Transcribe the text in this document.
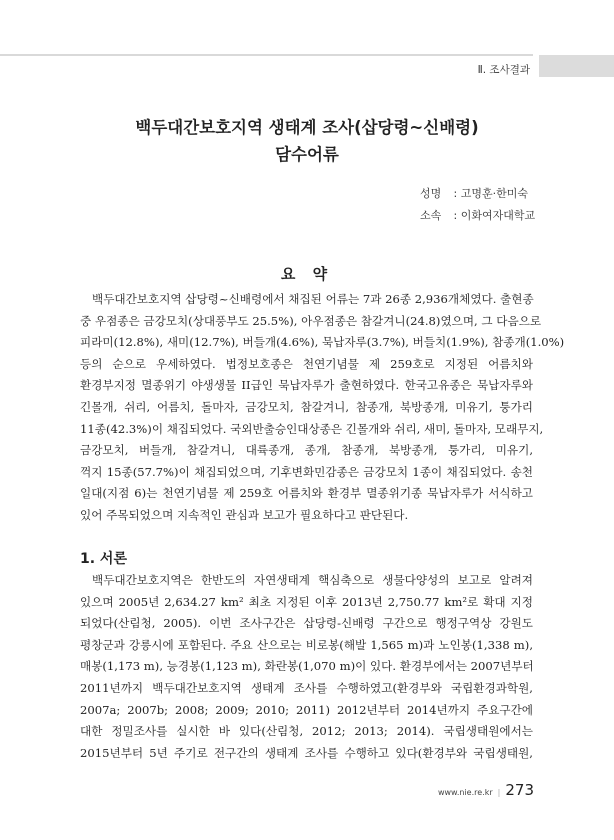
Ⅱ. 조사결과
백두대간보호지역 생태계 조사(삽당령~신배령)
담수어류
성명 : 고명훈·한미숙
소속 : 이화여자대학교
요 약
백두대간보호지역 삽당령~신배령에서 채집된 어류는 7과 26종 2,936개체였다. 출현종
중 우점종은 금강모치(상대풍부도 25.5%), 아우점종은 참갈겨니(24.8)였으며, 그 다음으로
피라미(12.8%), 새미(12.7%), 버들개(4.6%), 묵납자루(3.7%), 버들치(1.9%), 참종개(1.0%)
등의 순으로 우세하였다. 법정보호종은 천연기념물 제 259호로 지정된 어름치와
환경부지정 멸종위기 야생생물 II급인 묵납자루가 출현하였다. 한국고유종은 묵납자루와
긴몰개, 쉬리, 어름치, 돌마자, 금강모치, 참갈겨니, 참종개, 북방종개, 미유기, 퉁가리
11종(42.3%)이 채집되었다. 국외반출승인대상종은 긴몰개와 쉬리, 새미, 돌마자, 모래무지,
금강모치, 버들개, 참갈겨니, 대륙종개, 종개, 참종개, 북방종개, 퉁가리, 미유기,
꺽지 15종(57.7%)이 채집되었으며, 기후변화민감종은 금강모치 1종이 채집되었다. 송천
일대(지점 6)는 천연기념물 제 259호 어름치와 환경부 멸종위기종 묵납자루가 서식하고
있어 주목되었으며 지속적인 관심과 보고가 필요하다고 판단된다.
1. 서론
백두대간보호지역은 한반도의 자연생태계 핵심축으로 생물다양성의 보고로 알려져
있으며 2005년 2,634.27 km² 최초 지정된 이후 2013년 2,750.77 km²로 확대 지정
되었다(산림청, 2005). 이번 조사구간은 삽당령-신배령 구간으로 행정구역상 강원도
평창군과 강릉시에 포함된다. 주요 산으로는 비로봉(해발 1,565 m)과 노인봉(1,338 m),
매봉(1,173 m), 능경봉(1,123 m), 화란봉(1,070 m)이 있다. 환경부에서는 2007년부터
2011년까지 백두대간보호지역 생태계 조사를 수행하였고(환경부와 국립환경과학원,
2007a; 2007b; 2008; 2009; 2010; 2011) 2012년부터 2014년까지 주요구간에
대한 정밀조사를 실시한 바 있다(산림청, 2012; 2013; 2014). 국립생태원에서는
2015년부터 5년 주기로 전구간의 생태계 조사를 수행하고 있다(환경부와 국립생태원,
www.nie.re.kr | 273
